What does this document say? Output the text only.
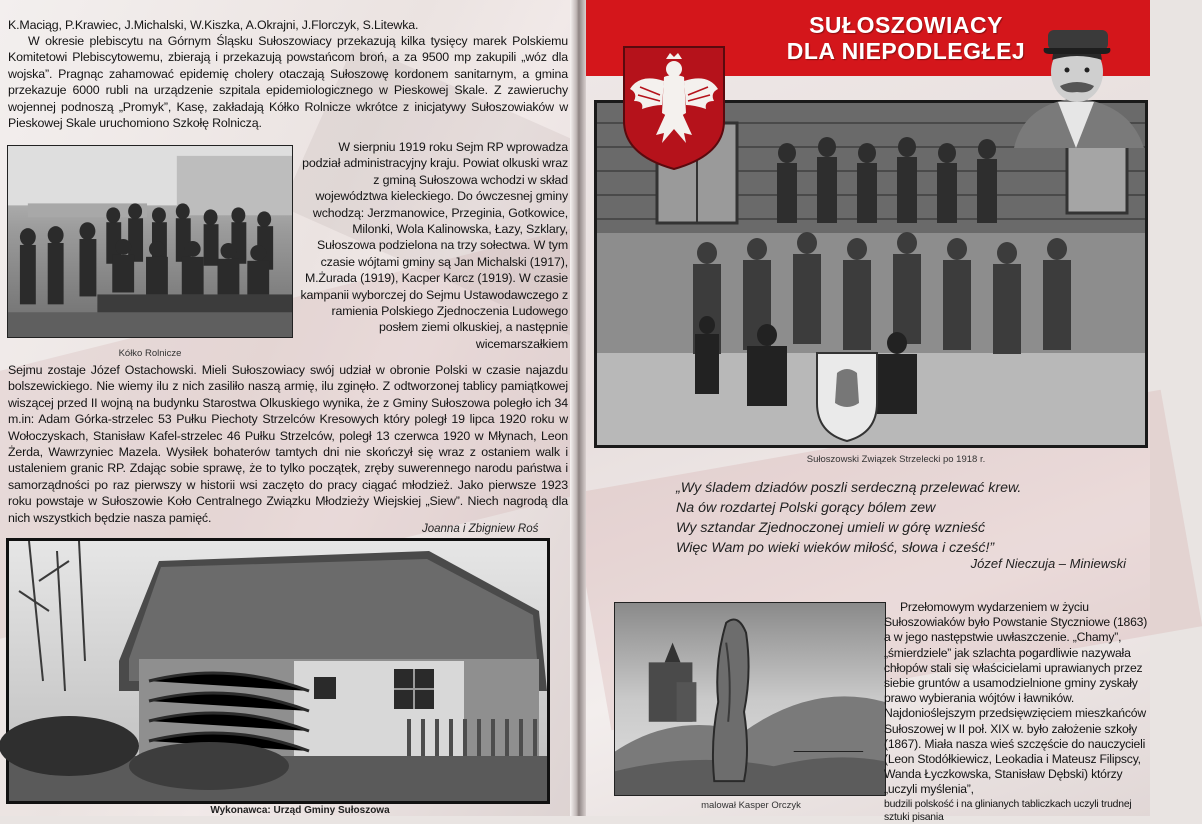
K.Maciąg, P.Krawiec, J.Michalski, W.Kiszka, A.Okrajni, J.Florczyk, S.Litewka.
W okresie plebiscytu na Górnym Śląsku Sułoszowiacy przekazują kilka tysięcy marek Polskiemu Komitetowi Plebiscytowemu, zbierają i przekazują powstańcom broń, a za 9500 mp zakupili „wóz dla wojska”. Pragnąc zahamować epidemię cholery otaczają Sułoszowę kordonem sanitarnym, a gmina przekazuje 6000 rubli na urządzenie szpitala epidemiologicznego w Pieskowej Skale. Z zawieruchy wojennej podnoszą „Promyk”, Kasę, zakładają Kółko Rolnicze wkrótce z inicjatywy Sułoszowiaków w Pieskowej Skale uruchomiono Szkołę Rolniczą.
Kółko Rolnicze
W sierpniu 1919 roku Sejm RP wprowadza podział administracyjny kraju. Powiat olkuski wraz z gminą Sułoszowa wchodzi w skład województwa kieleckiego. Do ówczesnej gminy wchodzą: Jerzmanowice, Przeginia, Gotkowice, Milonki, Wola Kalinowska, Łazy, Szklary, Sułoszowa podzielona na trzy sołectwa. W tym czasie wójtami gminy są Jan Michalski (1917), M.Żurada (1919), Kacper Karcz (1919). W czasie kampanii wyborczej do Sejmu Ustawodawczego z ramienia Polskiego Zjednoczenia Ludowego posłem ziemi olkuskiej, a następnie wicemarszałkiem
Sejmu zostaje Józef Ostachowski. Mieli Sułoszowiacy swój udział w obronie Polski w czasie najazdu bolszewickiego. Nie wiemy ilu z nich zasiliło naszą armię, ilu zginęło. Z odtworzonej tablicy pamiątkowej wiszącej przed II wojną na budynku Starostwa Olkuskiego wynika, że z Gminy Sułoszowa poległo ich 34 m.in: Adam Górka-strzelec 53 Pułku Piechoty Strzelców Kresowych który poległ 19 lipca 1920 roku w Wołoczyskach, Stanisław Kafel-strzelec 46 Pułku Strzelców, poległ 13 czerwca 1920 w Młynach, Leon Żerda, Wawrzyniec Mazela. Wysiłek bohaterów tamtych dni nie skończył się wraz z ostaniem walk i ustaleniem granic RP. Zdając sobie sprawę, że to tylko początek, zręby suwerennego narodu państwa i samorządności po raz pierwszy w historii wsi zaczęto do pracy ciągać młodzież. Jako pierwsze 1923 roku powstaje w Sułoszowie Koło Centralnego Związku Młodzieży Wiejskiej „Siew”. Niech nagrodą dla nich wszystkich będzie nasza pamięć.
Joanna i Zbigniew Roś
Wykonawca: Urząd Gminy Sułoszowa
SUŁOSZOWIACY
DLA NIEPODLEGŁEJ
Sułoszowski Związek Strzelecki po 1918 r.
„Wy śladem dziadów poszli serdeczną przelewać krew.
Na ów rozdartej Polski gorący bólem zew
Wy sztandar Zjednoczonej umieli w górę wznieść
Więc Wam po wieki wieków miłość, słowa i cześć!”
Józef Nieczuja – Miniewski
malował Kasper Orczyk
Przełomowym wydarzeniem w życiu Sułoszowiaków było Powstanie Styczniowe (1863) a w jego następstwie uwłaszczenie. „Chamy”, „śmierdziele” jak szlachta pogardliwie nazywała chłopów stali się właścicielami uprawianych przez siebie gruntów a usamodzielnione gminy zyskały prawo wybierania wójtów i ławników. Najdonioślejszym przedsięwzięciem mieszkańców Sułoszowej w II poł. XIX w. było założenie szkoły (1867). Miała nasza wieś szczęście do nauczycieli (Leon Stodółkiewicz, Leokadia i Mateusz Filipscy, Wanda Łyczkowska, Stanisław Dębski) którzy „uczyli myślenia”,
budzili polskość i na glinianych tabliczkach uczyli trudnej sztuki pisania
